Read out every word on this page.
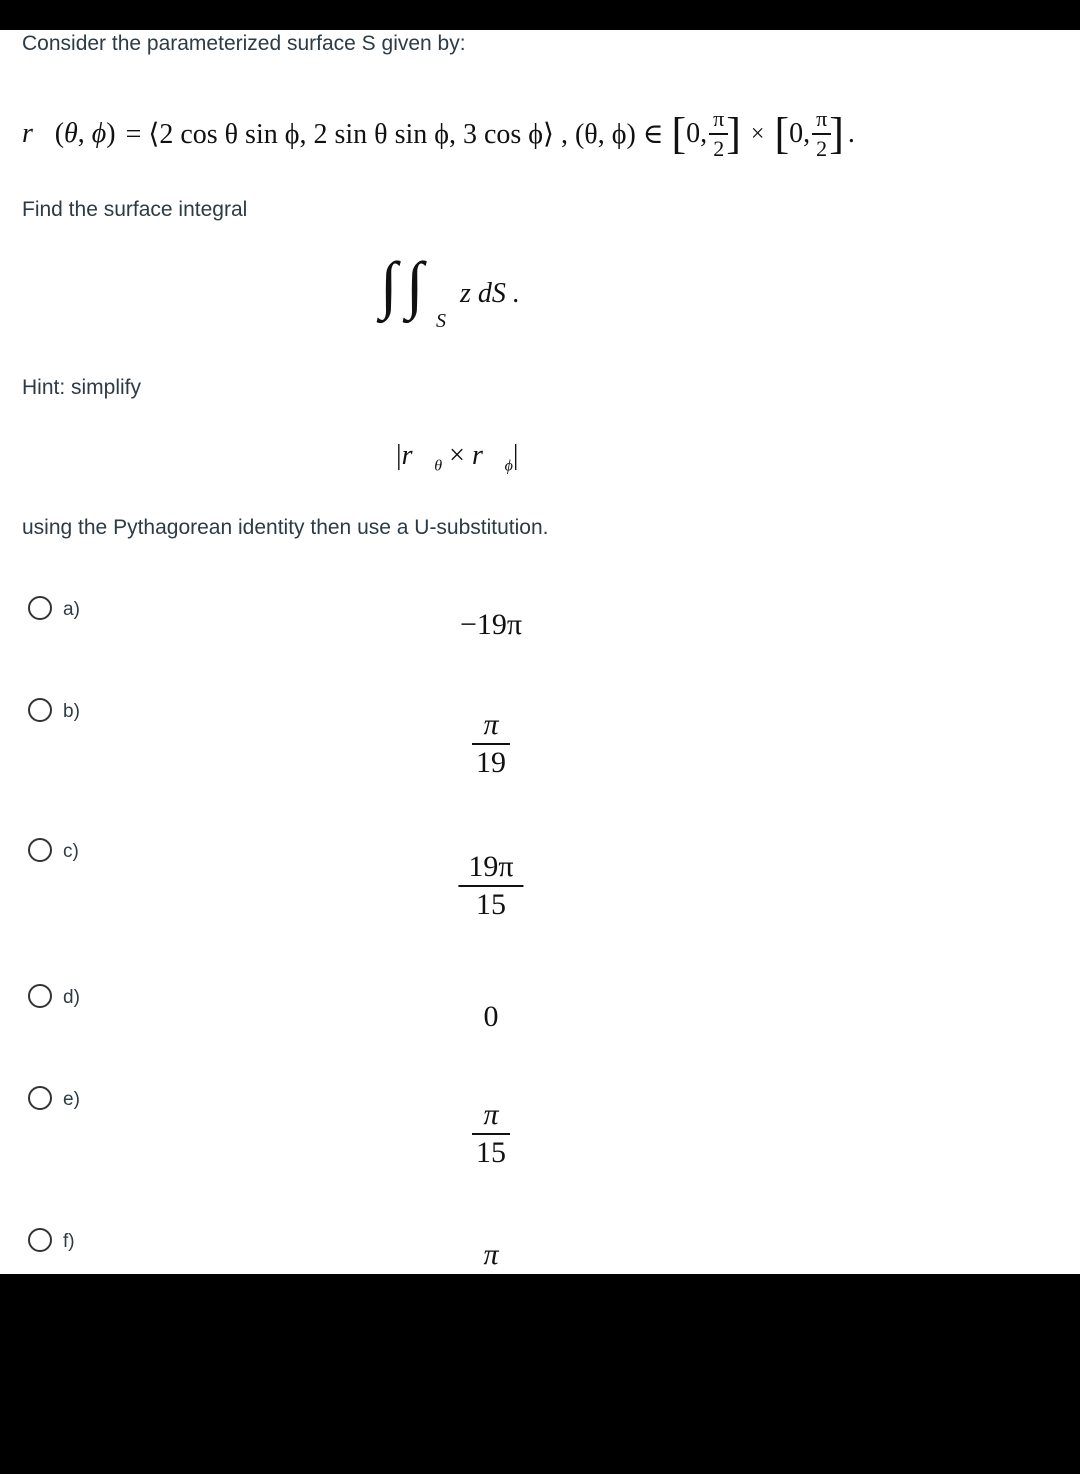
Consider the parameterized surface S given by:
r⃗(θ, ϕ) = ⟨2 cos θ sin ϕ, 2 sin θ sin ϕ, 3 cos ϕ⟩ , (θ, ϕ) ∈ [ 0, $\frac{\pi}{2}$ ] × [ 0, $\frac{\pi}{2}$ ] .
Find the surface integral
∫ ∫
S
z dS .
Hint: simplify
$|r⃗_\theta$ × $r⃗_\phi|$
using the Pythagorean identity then use a U-substitution.
a)	−19π
b)	$\frac{\pi}{19}$
c)
$\frac{19\pi}{15}$
d)
0
e)
$\frac{\pi}{15}$
f)	π
